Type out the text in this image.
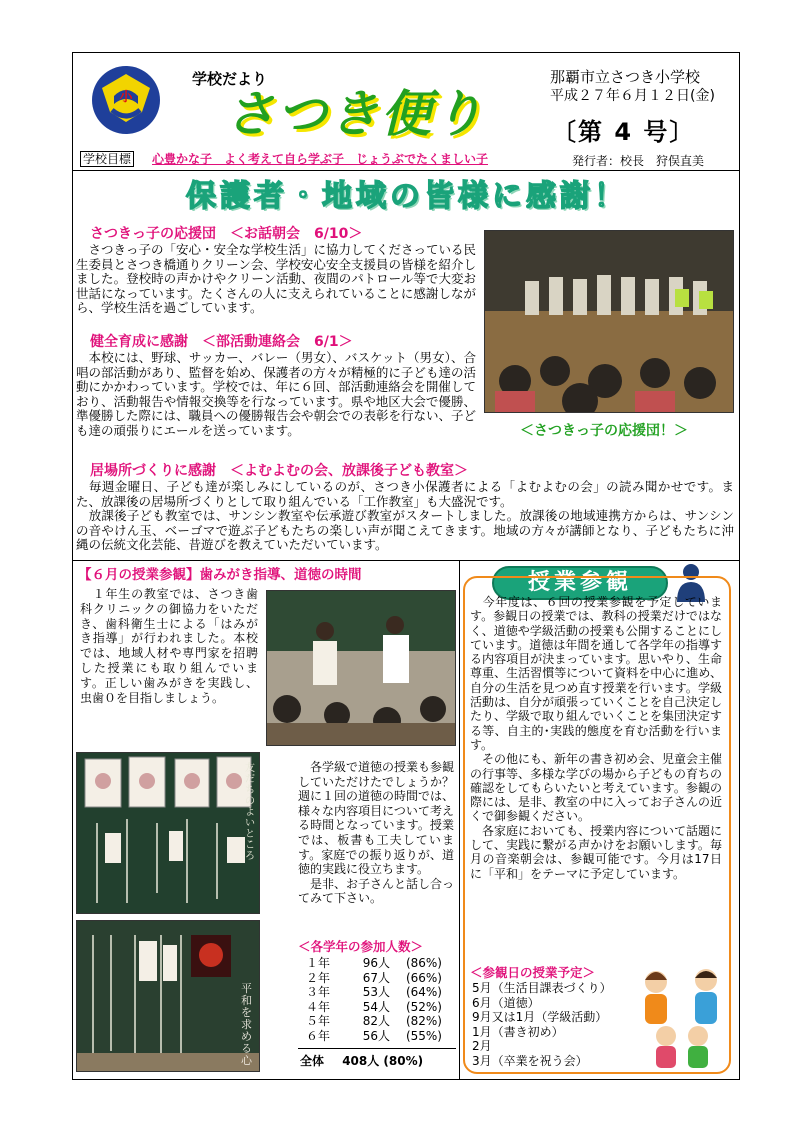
小
学校だより
さつき便り
那覇市立さつき小学校
平成２７年６月１２日(金)
〔第 4 号〕
学校目標 心豊かな子　よく考えて自ら学ぶ子　じょうぶでたくましい子	発行者：校長　狩俣直美
保護者・地域の皆様に感謝！
さつきっ子の応援団　＜お話朝会　6/10＞
　さつきっ子の「安心・安全な学校生活」に協力してくださっている民生委員とさつき橋通りクリーン会、学校安心安全支援員の皆様を紹介しました。登校時の声かけやクリーン活動、夜間のパトロール等で大変お世話になっています。たくさんの人に支えられていることに感謝しながら、学校生活を過ごしています。
＜さつきっ子の応援団！＞
健全育成に感謝　＜部活動連絡会　6/1＞
　本校には、野球、サッカー、バレー（男女）、バスケット（男女）、合唱の部活動があり、監督を始め、保護者の方々が精極的に子ども達の活動にかかわっています。学校では、年に６回、部活動連絡会を開催しており、活動報告や情報交換等を行なっています。県や地区大会で優勝、準優勝した際には、職員への優勝報告会や朝会での表彰を行ない、子ども達の頑張りにエールを送っています。
居場所づくりに感謝　＜よむよむの会、放課後子ども教室＞
　毎週金曜日、子ども達が楽しみにしているのが、さつき小保護者による「よむよむの会」の読み聞かせです。また、放課後の居場所づくりとして取り組んでいる「工作教室」も大盛況です。
　放課後子ども教室では、サンシン教室や伝承遊び教室がスタートしました。放課後の地域連携方からは、サンシンの音やけん玉、ベーゴマで遊ぶ子どもたちの楽しい声が聞こえてきます。地域の方々が講師となり、子どもたちに沖縄の伝統文化芸能、昔遊びを教えていただいています。
【６月の授業参観】歯みがき指導、道徳の時間
　１年生の教室では、さつき歯科クリニックの御協力をいただき、歯科衛生士による「はみがき指導」が行われました。本校では、地域人材や専門家を招聘した授業にも取り組んでいます。正しい歯みがきを実践し、虫歯０を目指しましょう。
友だちのよいところ
平和を求める心
　各学級で道徳の授業も参観していただけたでしょうか？週に１回の道徳の時間では、様々な内容項目について考える時間となっています。授業では、板書も工夫しています。家庭での振り返りが、道徳的実践に役立ちます。
　是非、お子さんと話し合ってみて下さい。
＜各学年の参加人数＞
１年	96人	(86%)
２年	67人	(66%)
３年	53人	(64%)
４年	54人	(52%)
５年	82人	(82%)
６年	56人	(55%)
全体 408人 (80%)
授業参観
　今年度は、６回の授業参観を予定しています。参観日の授業では、教科の授業だけではなく、道徳や学級活動の授業も公開することにしています。道徳は年間を通して各学年の指導する内容項目が決まっています。思いやり、生命尊重、生活習慣等について資料を中心に進め、自分の生活を見つめ直す授業を行います。学級活動は、自分が頑張っていくことを自己決定したり、学級で取り組んでいくことを集団決定する等、自主的･実践的態度を育む活動を行います。
　その他にも、新年の書き初め会、児童会主催の行事等、多様な学びの場から子どもの育ちの確認をしてもらいたいと考えています。参観の際には、是非、教室の中に入ってお子さんの近くで御参観ください。
　各家庭においても、授業内容について話題にして、実践に繋がる声かけをお願いします。毎月の音楽朝会は、参観可能です。今月は17日に「平和」をテーマに予定しています。
＜参観日の授業予定＞
5月（生活目課表づくり）
6月（道徳）
9月又は1月（学級活動）
1月（書き初め）
2月
3月（卒業を祝う会）
